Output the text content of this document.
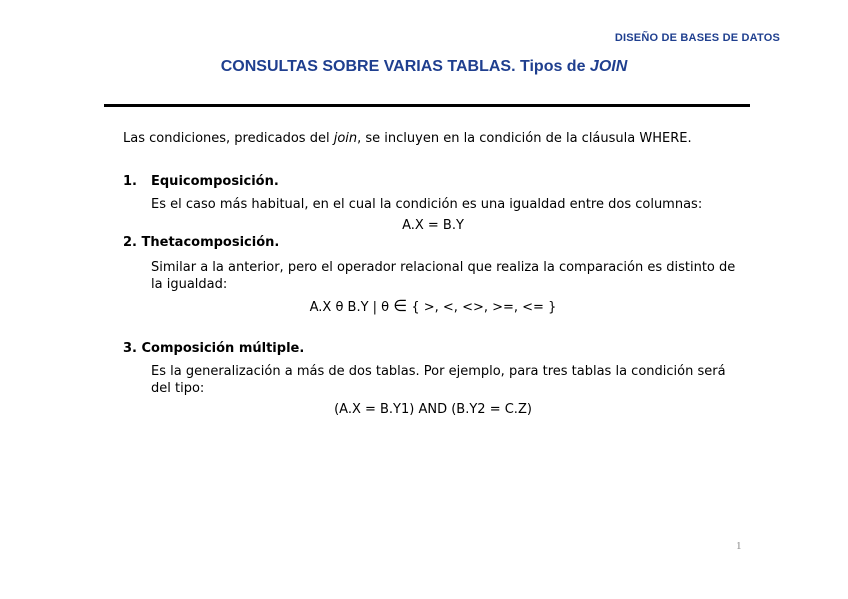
DISEÑO DE BASES DE DATOS
CONSULTAS SOBRE VARIAS TABLAS. Tipos de JOIN

Las condiciones, predicados del join, se incluyen en la condición de la cláusula WHERE.

1. Equicomposición.

Es el caso más habitual, en el cual la condición es una igualdad entre dos columnas:

A.X = B.Y

2. Thetacomposición.

Similar a la anterior, pero el operador relacional que realiza la comparación es distinto de la igualdad:

A.X θ B.Y | θ ∈ { >, <, <>, >=, <= }

3. Composición múltiple.

Es la generalización a más de dos tablas. Por ejemplo, para tres tablas la condición será del tipo:

(A.X = B.Y1) AND (B.Y2 = C.Z)

1
